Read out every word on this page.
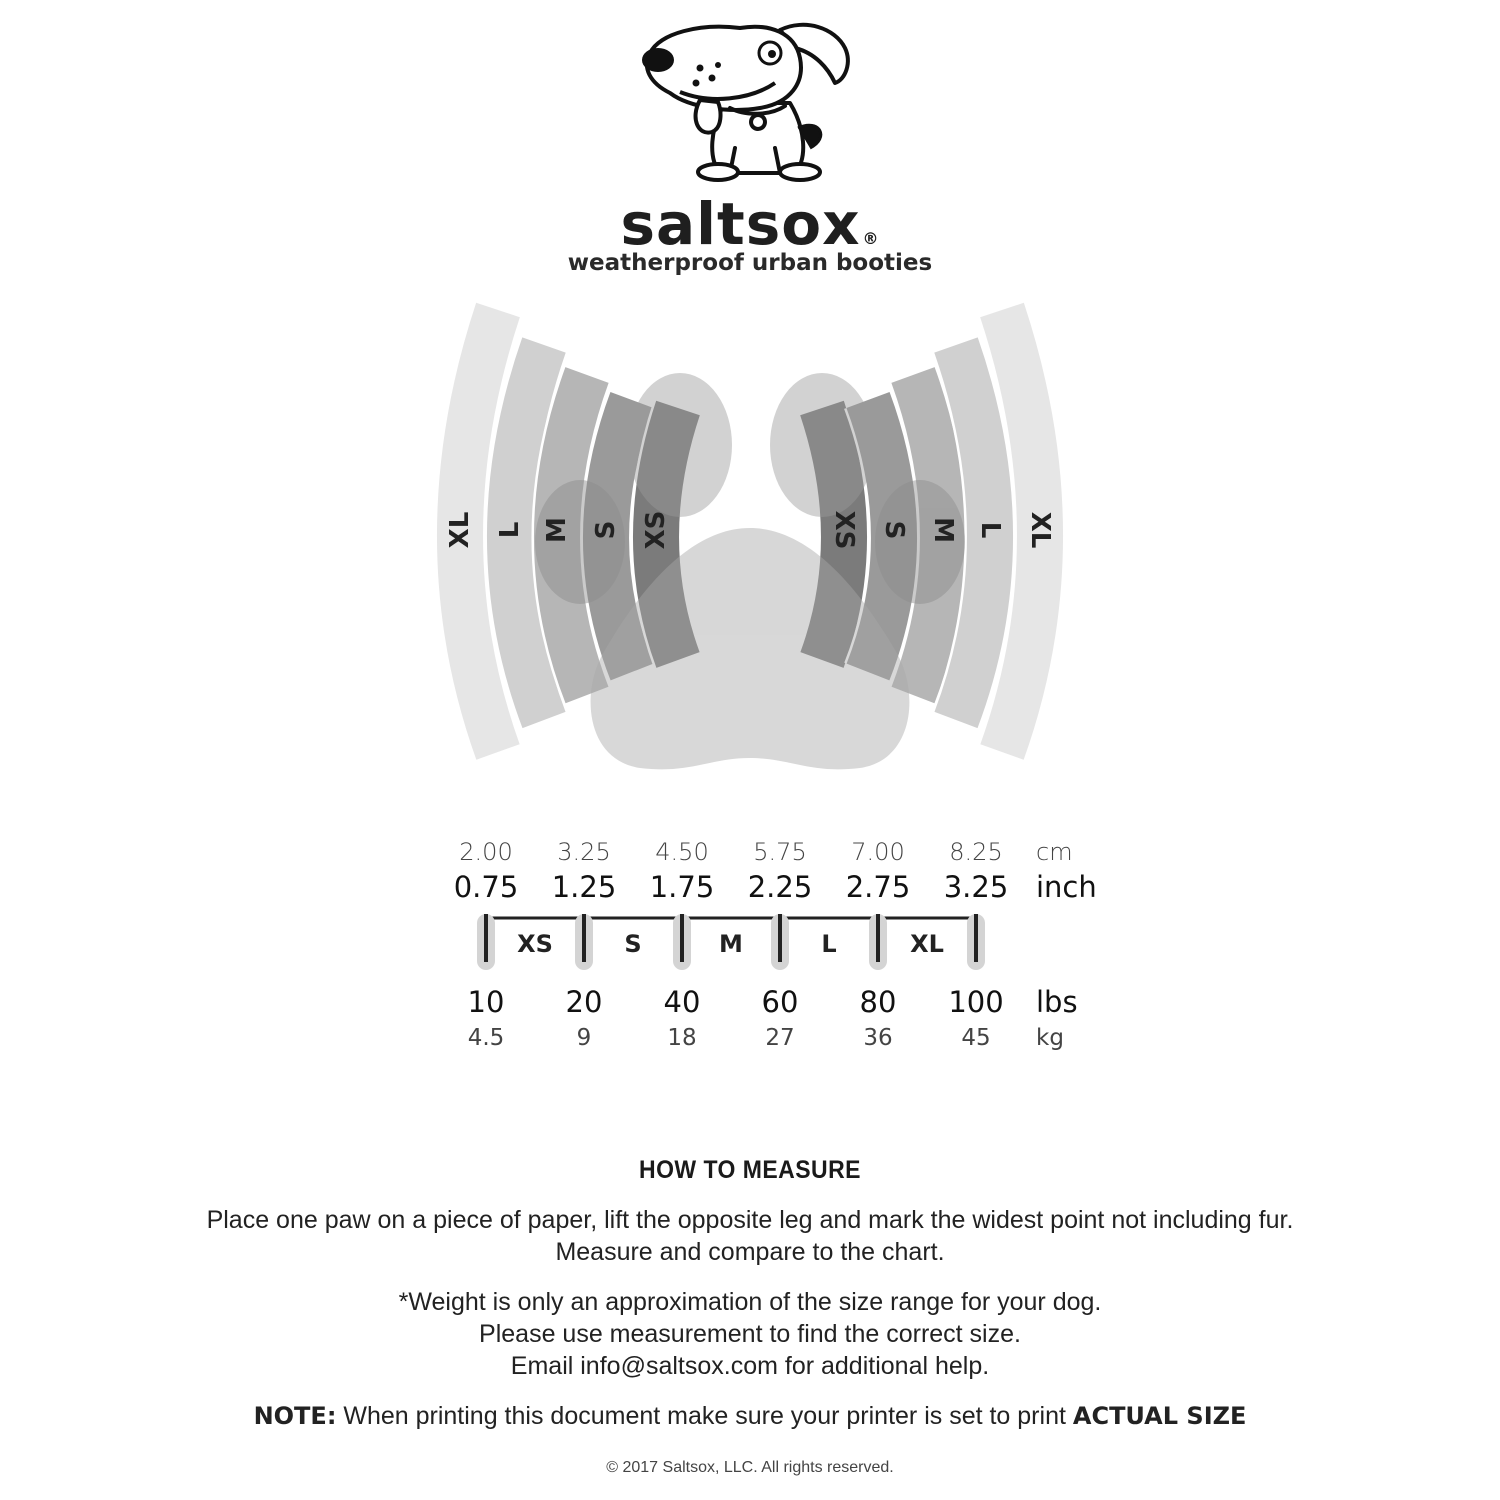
saltsox ®
weatherproof urban booties
XL L M S XS	XS S M L XL
2.00 3.25 4.50 5.75 7.00 8.25 cm
0.75 1.25 1.75 2.25 2.75 3.25 inch
XS	S	M	L	XL
10 20 40 60 80 100 lbs
4.5	9	18	27	36	45 kg
HOW TO MEASURE
Place one paw on a piece of paper, lift the opposite leg and mark the widest point not including fur.
Measure and compare to the chart.
*Weight is only an approximation of the size range for your dog.
Please use measurement to find the correct size.
Email info@saltsox.com for additional help.
NOTE: When printing this document make sure your printer is set to print ACTUAL SIZE
© 2017 Saltsox, LLC. All rights reserved.
